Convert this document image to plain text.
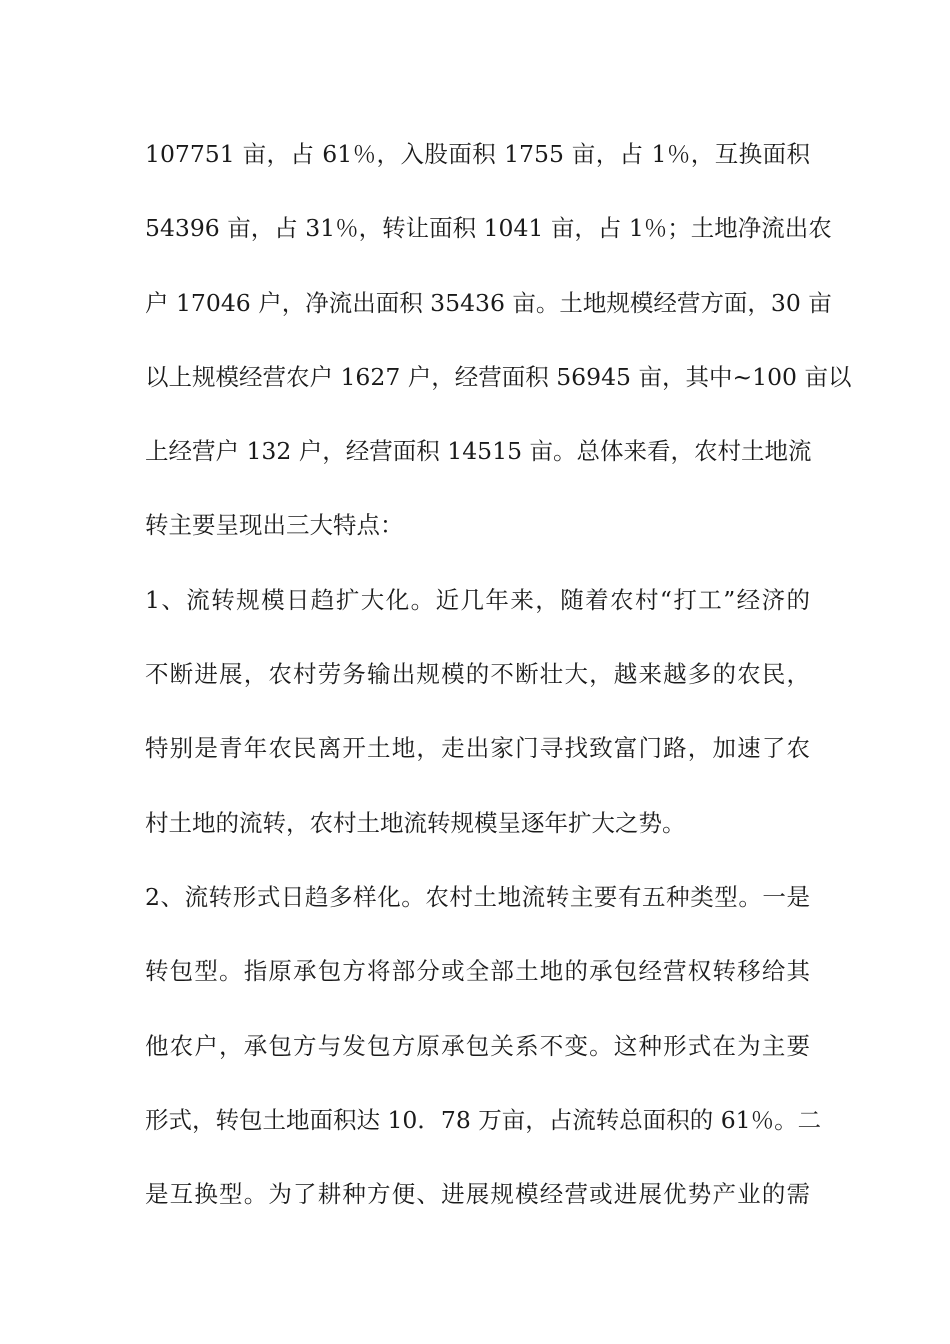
107751 亩，占 61％，入股面积 1755 亩，占 1％，互换面积
54396 亩，占 31％，转让面积 1041 亩，占 1％；土地净流出农
户 17046 户，净流出面积 35436 亩。土地规模经营方面，30 亩
以上规模经营农户 1627 户，经营面积 56945 亩，其中~100 亩以
上经营户 132 户，经营面积 14515 亩。总体来看，农村土地流
转主要呈现出三大特点：
1、流转规模日趋扩大化。近几年来，随着农村“打工”经济的
不断进展，农村劳务输出规模的不断壮大，越来越多的农民，
特别是青年农民离开土地，走出家门寻找致富门路，加速了农
村土地的流转，农村土地流转规模呈逐年扩大之势。
2、流转形式日趋多样化。农村土地流转主要有五种类型。一是
转包型。指原承包方将部分或全部土地的承包经营权转移给其
他农户，承包方与发包方原承包关系不变。这种形式在为主要
形式，转包土地面积达 10．78 万亩，占流转总面积的 61％。二
是互换型。为了耕种方便、进展规模经营或进展优势产业的需
